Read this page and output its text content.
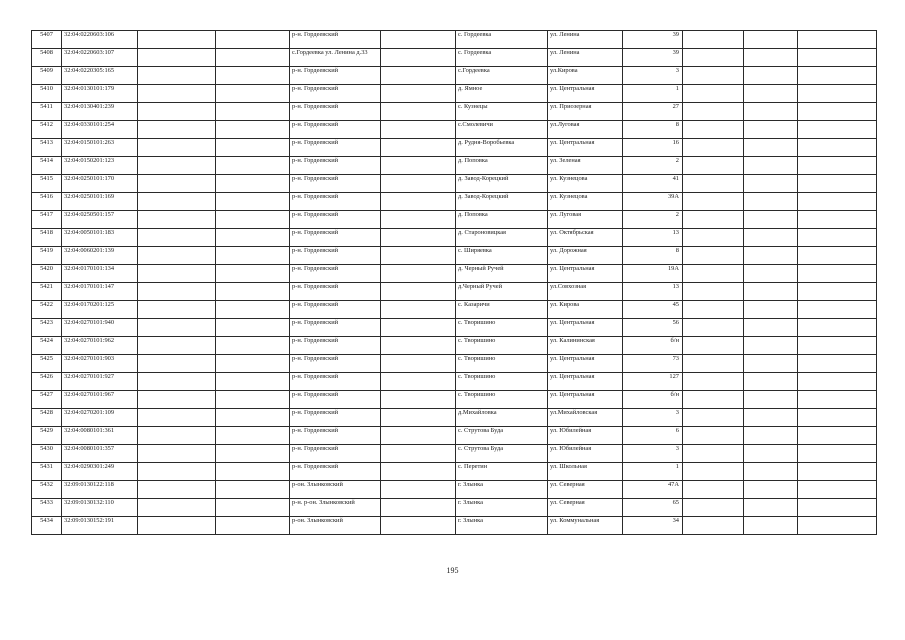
5407	32:04:0220603:106			р-н. Гордеевский		с. Гордеевка	ул. Ленина	39			
5408	32:04:0220603:107			с.Гордеевка ул. Ленина д.33		с. Гордеевка	ул. Ленина	39			
5409	32:04:0220305:165			р-н. Гордеевский		с.Гордеевка	ул.Кирова	3			
5410	32:04:0130101:179			р-н. Гордеевский		д. Ямное	ул. Центральная	1			
5411	32:04:0130401:239			р-н. Гордеевский		с. Кузнецы	ул. Приозерная	27			
5412	32:04:0330101:254			р-н. Гордеевский		с.Смолевичи	ул.Луговая	8			
5413	32:04:0150101:263			р-н. Гордеевский		д. Рудня-Воробьевка	ул. Центральная	16			
5414	32:04:0150201:123			р-н. Гордеевский		д. Поповка	ул. Зеленая	2			
5415	32:04:0250101:170			р-н. Гордеевский		д. Завод-Корецкий	ул. Кузнецова	41			
5416	32:04:0250101:169			р-н. Гордеевский		д. Завод-Корецкий	ул. Кузнецова	39А			
5417	32:04:0250501:157			р-н. Гордеевский		д. Поповка	ул. Луговая	2			
5418	32:04:0050101:183			р-н. Гордеевский		д. Староновицкая	ул. Октябрьская	13			
5419	32:04:0060201:139			р-н. Гордеевский		с. Ширяевка	ул. Дорожная	8			
5420	32:04:0170101:134			р-н. Гордеевский		д. Черный Ручей	ул. Центральная	19А			
5421	32:04:0170101:147			р-н. Гордеевский		д.Черный Ручей	ул.Совхозная	13			
5422	32:04:0170201:125			р-н. Гордеевский		с. Казаричи	ул. Кирова	45			
5423	32:04:0270101:940			р-н. Гордеевский		с. Творишино	ул. Центральная	56			
5424	32:04:0270101:962			р-н. Гордеевский		с. Творишино	ул. Калининская	б/н			
5425	32:04:0270101:903			р-н. Гордеевский		с. Творишино	ул. Центральная	73			
5426	32:04:0270101:927			р-н. Гордеевский		с. Творишино	ул. Центральная	127			
5427	32:04:0270101:967			р-н. Гордеевский		с. Творишино	ул. Центральная	б/н			
5428	32:04:0270201:109			р-н. Гордеевский		д.Михайловка	ул.Михайловская	3			
5429	32:04:0080101:361			р-н. Гордеевский		с. Струтова Буда	ул. Юбилейная	6			
5430	32:04:0080101:357			р-н. Гордеевский		с. Струтова Буда	ул. Юбилейная	3			
5431	32:04:0290301:249			р-н. Гордеевский		с. Перетин	ул. Школьная	1			
5432	32:09:0130122:118			р-он. Злынковский		г. Злынка	ул. Северная	47А			
5433	32:09:0130132:110			р-н. р-он. Злынковский		г. Злынка	ул. Северная	65			
5434	32:09:0130152:191			р-он. Злынковский		г. Злынка	ул. Коммунальная	34			
195
